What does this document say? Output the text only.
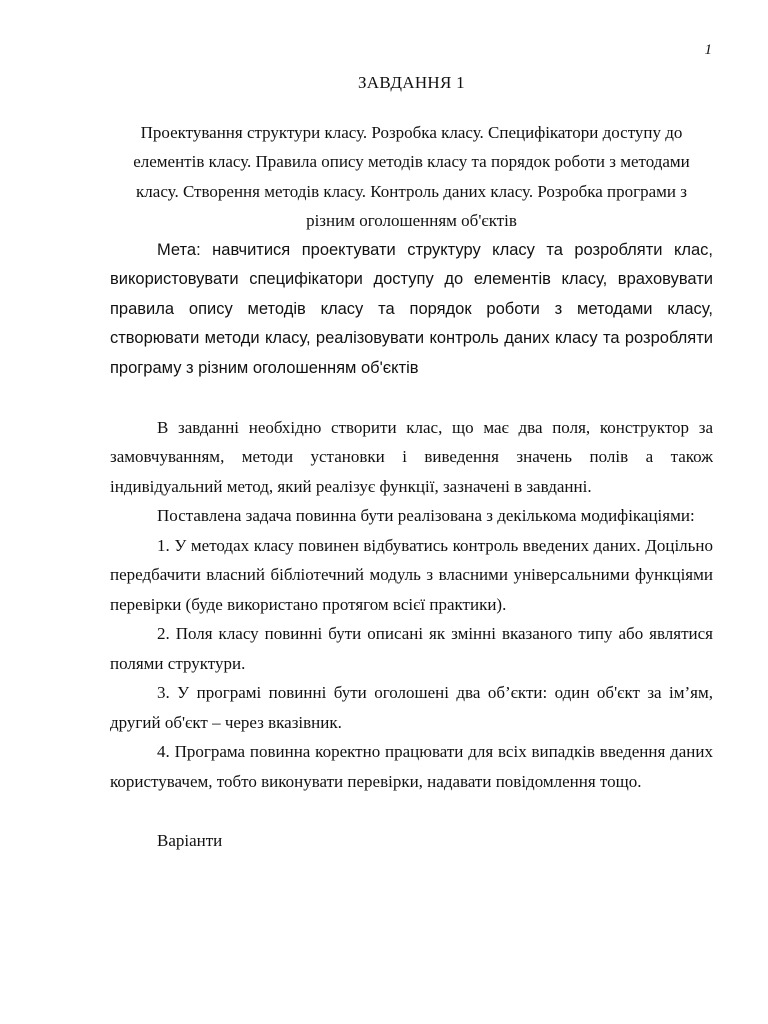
1
ЗАВДАННЯ 1

Проектування структури класу. Розробка класу. Специфікатори доступу до елементів класу. Правила опису методів класу та порядок роботи з методами класу. Створення методів класу. Контроль даних класу. Розробка програми з різним оголошенням об'єктів

Мета: навчитися проектувати структуру класу та розробляти клас, використовувати специфікатори доступу до елементів класу, враховувати правила опису методів класу та порядок роботи з методами класу, створювати методи класу, реалізовувати контроль даних класу та розробляти програму з різним оголошенням об'єктів

В завданні необхідно створити клас, що має два поля, конструктор за замовчуванням, методи установки і виведення значень полів а також індивідуальний метод, який реалізує функції, зазначені в завданні.

Поставлена задача повинна бути реалізована з декількома модифікаціями:

1. У методах класу повинен відбуватись контроль введених даних. Доцільно передбачити власний бібліотечний модуль з власними універсальними функціями перевірки (буде використано протягом всієї практики).

2. Поля класу повинні бути описані як змінні вказаного типу або являтися полями структури.

3. У програмі повинні бути оголошені два об’єкти: один об'єкт за ім’ям, другий об'єкт – через вказівник.

4. Програма повинна коректно працювати для всіх випадків введення даних користувачем, тобто виконувати перевірки, надавати повідомлення тощо.

Варіанти
